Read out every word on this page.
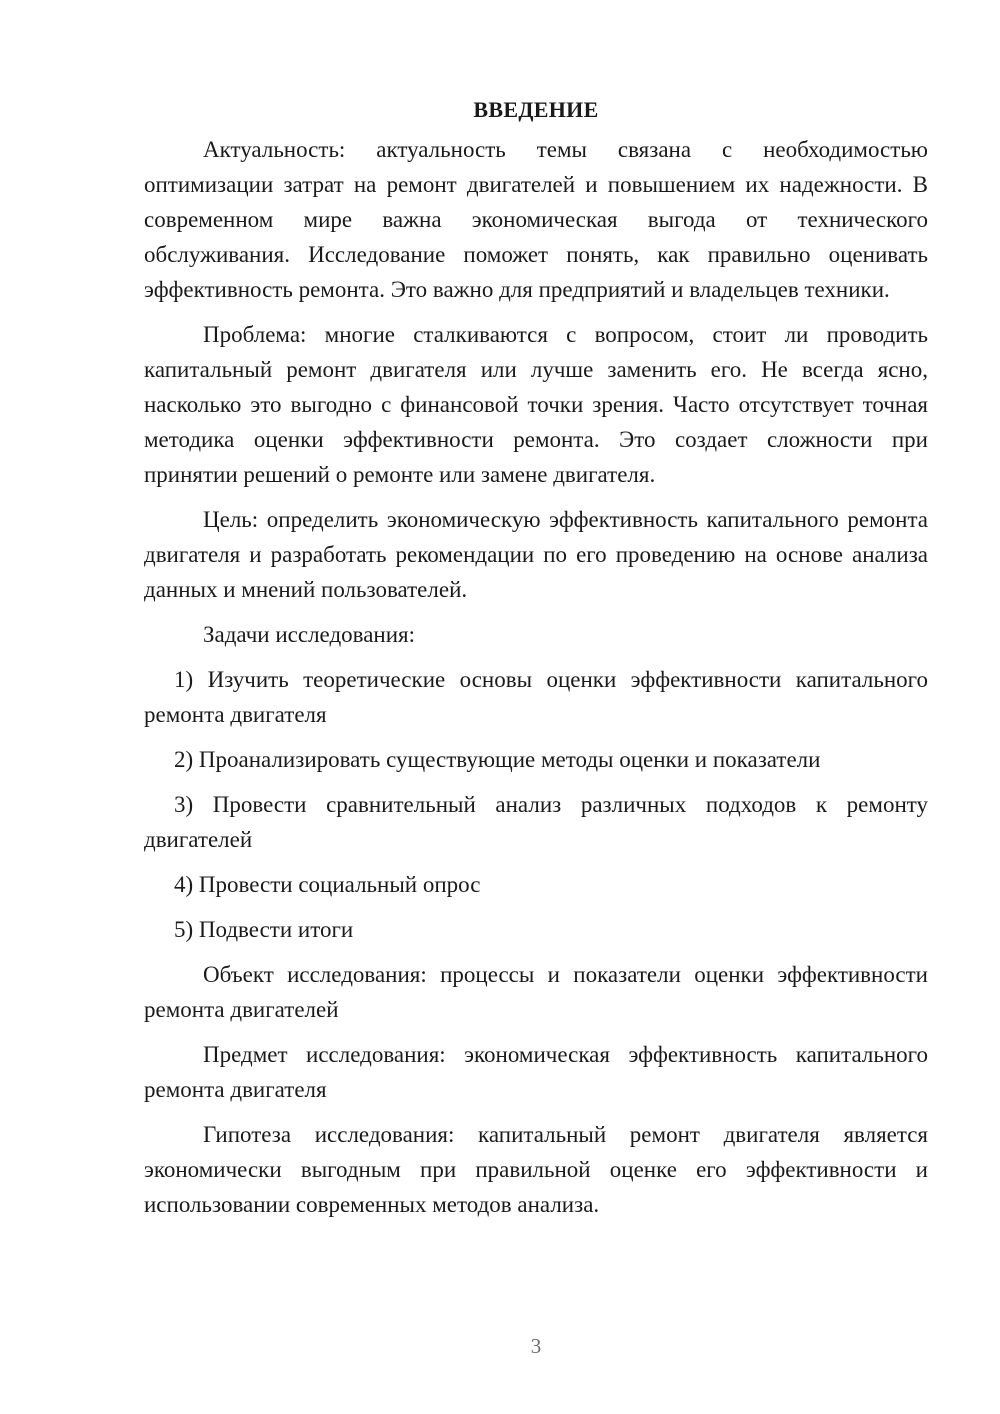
ВВЕДЕНИЕ

Актуальность: актуальность темы связана с необходимостью оптимизации затрат на ремонт двигателей и повышением их надежности. В современном мире важна экономическая выгода от технического обслуживания. Исследование поможет понять, как правильно оценивать эффективность ремонта. Это важно для предприятий и владельцев техники.

Проблема: многие сталкиваются с вопросом, стоит ли проводить капитальный ремонт двигателя или лучше заменить его. Не всегда ясно, насколько это выгодно с финансовой точки зрения. Часто отсутствует точная методика оценки эффективности ремонта. Это создает сложности при принятии решений о ремонте или замене двигателя.

Цель: определить экономическую эффективность капитального ремонта двигателя и разработать рекомендации по его проведению на основе анализа данных и мнений пользователей.

Задачи исследования:

1) Изучить теоретические основы оценки эффективности капитального ремонта двигателя

2) Проанализировать существующие методы оценки и показатели

3) Провести сравнительный анализ различных подходов к ремонту двигателей

4) Провести социальный опрос

5) Подвести итоги

Объект исследования: процессы и показатели оценки эффективности ремонта двигателей

Предмет исследования: экономическая эффективность капитального ремонта двигателя

Гипотеза исследования: капитальный ремонт двигателя является экономически выгодным при правильной оценке его эффективности и использовании современных методов анализа.

3
